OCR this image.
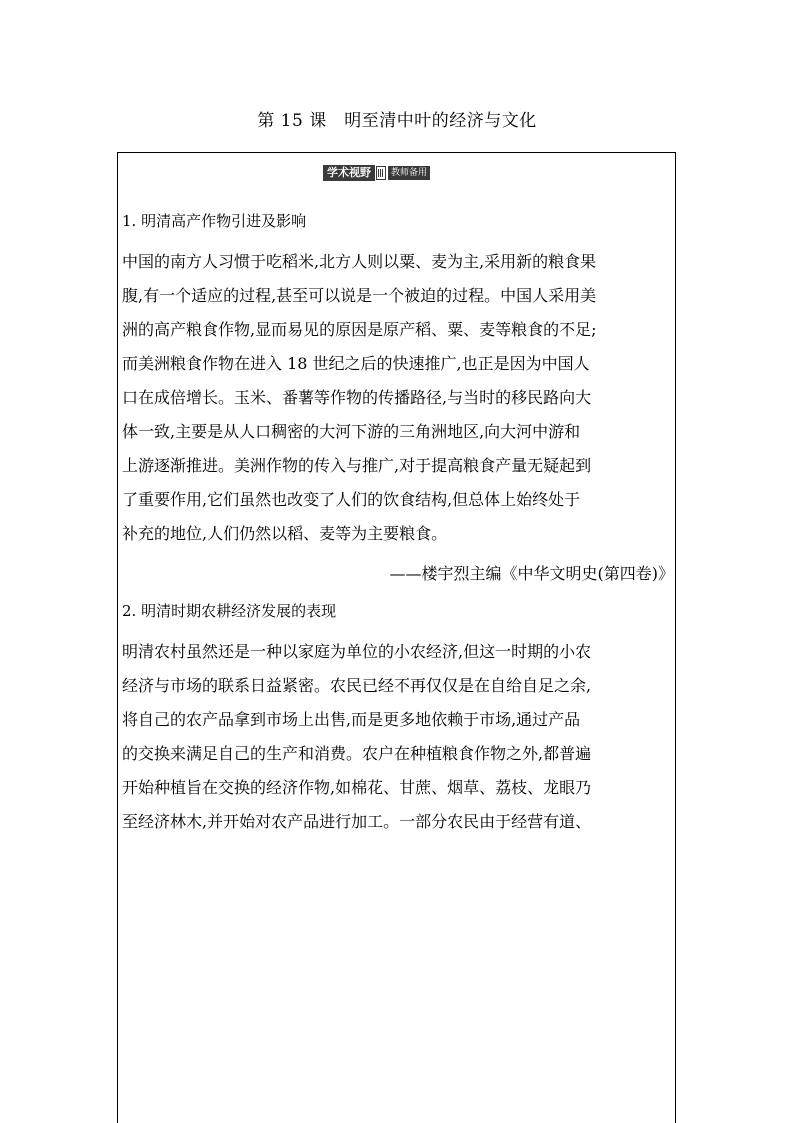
第 15 课　明至清中叶的经济与文化
学术视野	教师备用
1. 明清高产作物引进及影响
中国的南方人习惯于吃稻米,北方人则以粟、麦为主,采用新的粮食果
腹,有一个适应的过程,甚至可以说是一个被迫的过程。中国人采用美
洲的高产粮食作物,显而易见的原因是原产稻、粟、麦等粮食的不足;
而美洲粮食作物在进入 18 世纪之后的快速推广,也正是因为中国人
口在成倍增长。玉米、番薯等作物的传播路径,与当时的移民路向大
体一致,主要是从人口稠密的大河下游的三角洲地区,向大河中游和
上游逐渐推进。美洲作物的传入与推广,对于提高粮食产量无疑起到
了重要作用,它们虽然也改变了人们的饮食结构,但总体上始终处于
补充的地位,人们仍然以稻、麦等为主要粮食。
——楼宇烈主编《中华文明史(第四卷)》
2. 明清时期农耕经济发展的表现
明清农村虽然还是一种以家庭为单位的小农经济,但这一时期的小农
经济与市场的联系日益紧密。农民已经不再仅仅是在自给自足之余,
将自己的农产品拿到市场上出售,而是更多地依赖于市场,通过产品
的交换来满足自己的生产和消费。农户在种植粮食作物之外,都普遍
开始种植旨在交换的经济作物,如棉花、甘蔗、烟草、荔枝、龙眼乃
至经济林木,并开始对农产品进行加工。一部分农民由于经营有道、
